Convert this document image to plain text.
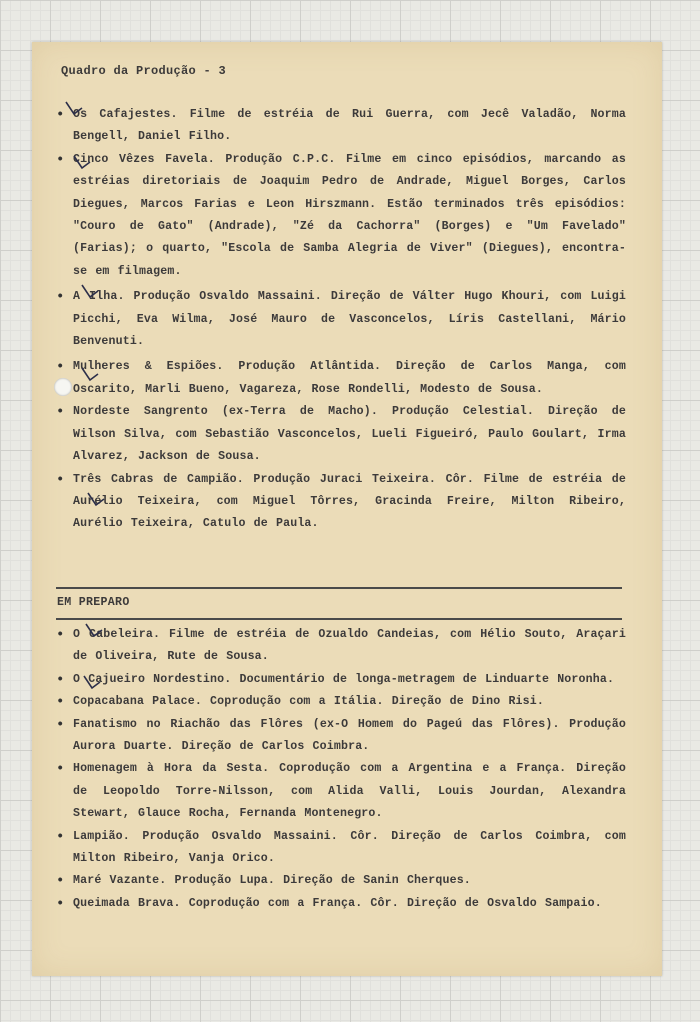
Quadro da Produção - 3
• Os Cafajestes. Filme de estréia de Rui Guerra, com Jecê Valadão, Norma Bengell, Daniel Filho.
• Cinco Vêzes Favela. Produção C.P.C. Filme em cinco episódios, marcando as estréias diretoriais de Joaquim Pedro de Andrade, Miguel Borges, Carlos Diegues, Marcos Farias e Leon Hirszmann. Estão terminados três episódios: "Couro de Gato" (Andrade), "Zé da Cachorra" (Borges) e "Um Favelado" (Farias); o quarto, "Escola de Samba Alegria de Viver" (Diegues), encontra-se em filmagem.
• A Ilha. Produção Osvaldo Massaini. Direção de Válter Hugo Khouri, com Luigi Picchi, Eva Wilma, José Mauro de Vasconcelos, Líris Castellani, Mário Benvenuti.
• Mulheres & Espiões. Produção Atlântida. Direção de Carlos Manga, com Oscarito, Marli Bueno, Vagareza, Rose Rondelli, Modesto de Sousa.
• Nordeste Sangrento (ex-Terra de Macho). Produção Celestial. Direção de Wilson Silva, com Sebastião Vasconcelos, Lueli Figueiró, Paulo Goulart, Irma Alvarez, Jackson de Sousa.
• Três Cabras de Campião. Produção Juraci Teixeira. Côr. Filme de estréia de Aurélio Teixeira, com Miguel Tôrres, Gracinda Freire, Milton Ribeiro, Aurélio Teixeira, Catulo de Paula.
EM PREPARO
• O Cabeleira. Filme de estréia de Ozualdo Candeias, com Hélio Souto, Araçari de Oliveira, Rute de Sousa.
• O Cajueiro Nordestino. Documentário de longa-metragem de Linduarte Noronha.
• Copacabana Palace. Coprodução com a Itália. Direção de Dino Risi.
• Fanatismo no Riachão das Flôres (ex-O Homem do Pageú das Flôres). Produção Aurora Duarte. Direção de Carlos Coimbra.
• Homenagem à Hora da Sesta. Coprodução com a Argentina e a França. Direção de Leopoldo Torre-Nilsson, com Alida Valli, Louis Jourdan, Alexandra Stewart, Glauce Rocha, Fernanda Montenegro.
• Lampião. Produção Osvaldo Massaini. Côr. Direção de Carlos Coimbra, com Milton Ribeiro, Vanja Orico.
• Maré Vazante. Produção Lupa. Direção de Sanin Cherques.
• Queimada Brava. Coprodução com a França. Côr. Direção de Osvaldo Sampaio.
